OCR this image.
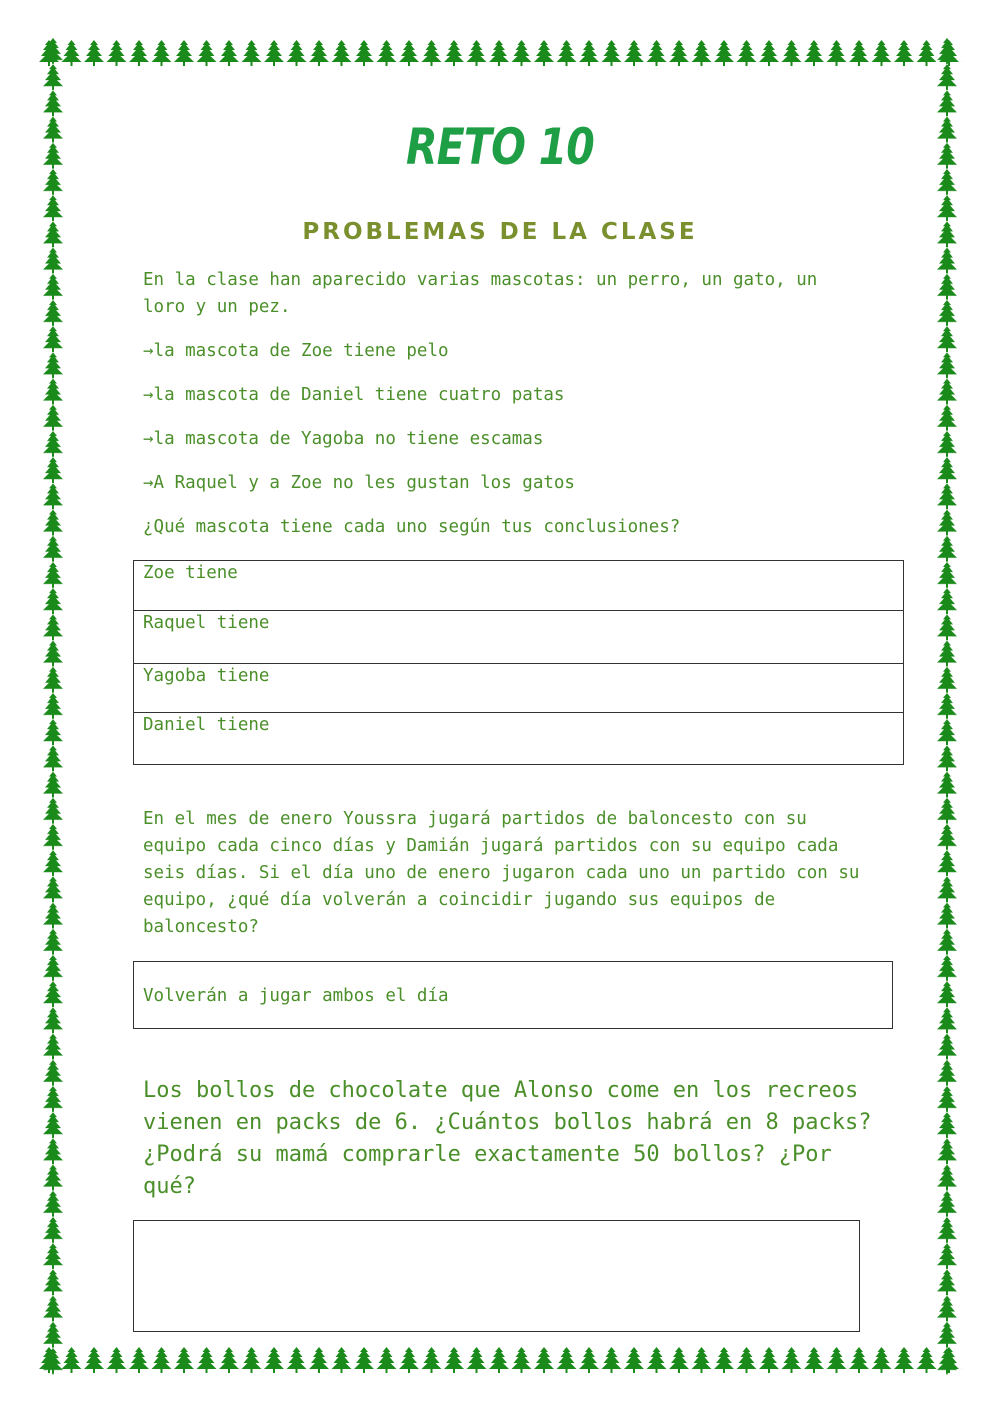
RETO 10
PROBLEMAS DE LA CLASE
En la clase han aparecido varias mascotas: un perro, un gato, un loro y un pez.
→la mascota de Zoe tiene pelo
→la mascota de Daniel tiene cuatro patas
→la mascota de Yagoba no tiene escamas
→A Raquel y a Zoe no les gustan los gatos
¿Qué mascota tiene cada uno según tus conclusiones?
Zoe tiene
Raquel tiene
Yagoba tiene
Daniel tiene
En el mes de enero Youssra jugará partidos de baloncesto con su equipo cada cinco días y Damián jugará partidos con su equipo cada seis días. Si el día uno de enero jugaron cada uno un partido con su equipo, ¿qué día volverán a coincidir jugando sus equipos de baloncesto?
Volverán a jugar ambos el día
Los bollos de chocolate que Alonso come en los recreos vienen en packs de 6. ¿Cuántos bollos habrá en 8 packs? ¿Podrá su mamá comprarle exactamente 50 bollos? ¿Por qué?
